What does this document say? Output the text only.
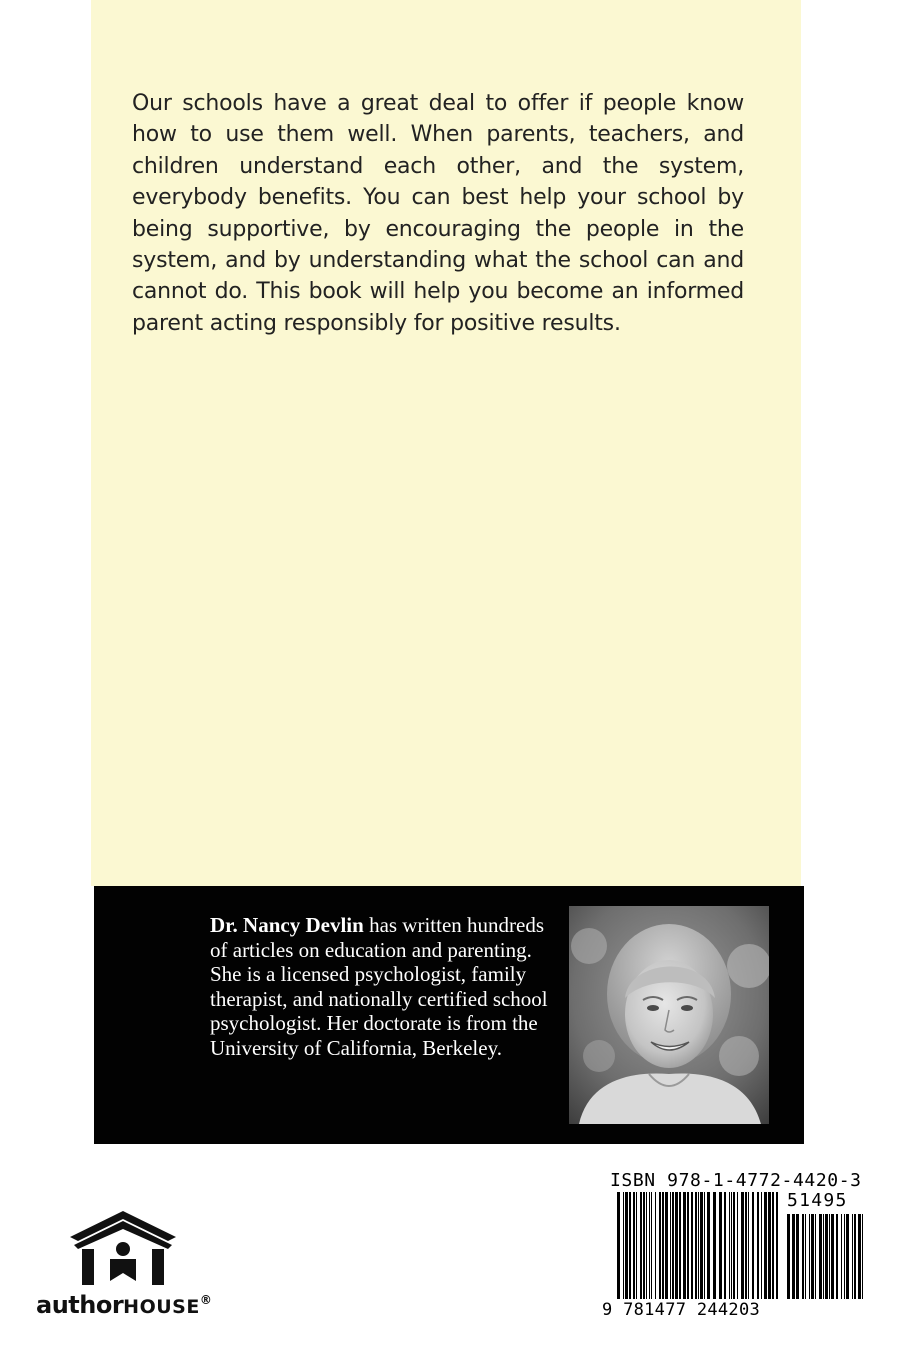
Our schools have a great deal to offer if people know how to use them well. When parents, teachers, and children understand each other, and the system, everybody benefits. You can best help your school by being supportive, by encouraging the people in the system, and by understanding what the school can and cannot do. This book will help you become an informed parent acting responsibly for positive results.

Dr. Nancy Devlin has written hundreds of articles on education and parenting. She is a licensed psychologist, family therapist, and nationally certified school psychologist. Her doctorate is from the University of California, Berkeley.

authorHOUSE®
ISBN 978-1-4772-4420-3
51495
9 781477 244203
